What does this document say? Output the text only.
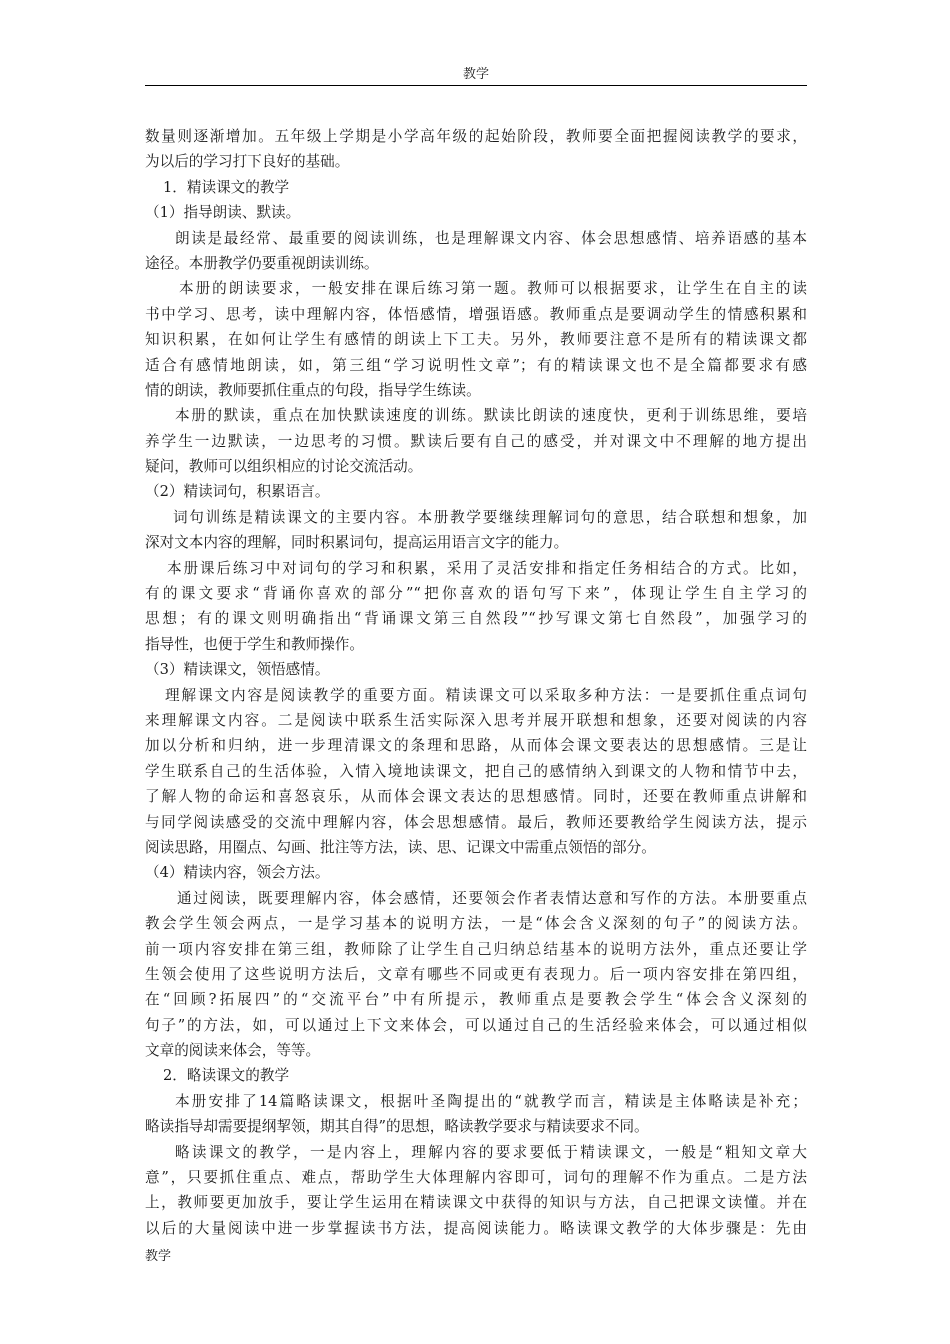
教学
数量则逐渐增加。五年级上学期是小学高年级的起始阶段，教师要全面把握阅读教学的要求，
为以后的学习打下良好的基础。
1．精读课文的教学
（1）指导朗读、默读。
朗读是最经常、最重要的阅读训练，也是理解课文内容、体会思想感情、培养语感的基本
途径。本册教学仍要重视朗读训练。
本册的朗读要求，一般安排在课后练习第一题。教师可以根据要求，让学生在自主的读
书中学习、思考，读中理解内容，体悟感情，增强语感。教师重点是要调动学生的情感积累和
知识积累，在如何让学生有感情的朗读上下工夫。另外，教师要注意不是所有的精读课文都
适合有感情地朗读，如，第三组“学习说明性文章”；有的精读课文也不是全篇都要求有感
情的朗读，教师要抓住重点的句段，指导学生练读。
本册的默读，重点在加快默读速度的训练。默读比朗读的速度快，更利于训练思维，要培
养学生一边默读，一边思考的习惯。默读后要有自己的感受，并对课文中不理解的地方提出
疑问，教师可以组织相应的讨论交流活动。
（2）精读词句，积累语言。
词句训练是精读课文的主要内容。本册教学要继续理解词句的意思，结合联想和想象，加
深对文本内容的理解，同时积累词句，提高运用语言文字的能力。
本册课后练习中对词句的学习和积累，采用了灵活安排和指定任务相结合的方式。比如，
有的课文要求“背诵你喜欢的部分”“把你喜欢的语句写下来”，体现让学生自主学习的
思想；有的课文则明确指出“背诵课文第三自然段”“抄写课文第七自然段”，加强学习的
指导性，也便于学生和教师操作。
（3）精读课文，领悟感情。
理解课文内容是阅读教学的重要方面。精读课文可以采取多种方法：一是要抓住重点词句
来理解课文内容。二是阅读中联系生活实际深入思考并展开联想和想象，还要对阅读的内容
加以分析和归纳，进一步理清课文的条理和思路，从而体会课文要表达的思想感情。三是让
学生联系自己的生活体验，入情入境地读课文，把自己的感情纳入到课文的人物和情节中去，
了解人物的命运和喜怒哀乐，从而体会课文表达的思想感情。同时，还要在教师重点讲解和
与同学阅读感受的交流中理解内容，体会思想感情。最后，教师还要教给学生阅读方法，提示
阅读思路，用圈点、勾画、批注等方法，读、思、记课文中需重点领悟的部分。
（4）精读内容，领会方法。
通过阅读，既要理解内容，体会感情，还要领会作者表情达意和写作的方法。本册要重点
教会学生领会两点，一是学习基本的说明方法，一是“体会含义深刻的句子”的阅读方法。
前一项内容安排在第三组，教师除了让学生自己归纳总结基本的说明方法外，重点还要让学
生领会使用了这些说明方法后，文章有哪些不同或更有表现力。后一项内容安排在第四组，
在“回顾?拓展四”的“交流平台”中有所提示，教师重点是要教会学生“体会含义深刻的
句子”的方法，如，可以通过上下文来体会，可以通过自己的生活经验来体会，可以通过相似
文章的阅读来体会，等等。
2．略读课文的教学
本册安排了14篇略读课文，根据叶圣陶提出的“就教学而言，精读是主体略读是补充；
略读指导却需要提纲挈领，期其自得”的思想，略读教学要求与精读要求不同。
略读课文的教学，一是内容上，理解内容的要求要低于精读课文，一般是“粗知文章大
意”，只要抓住重点、难点，帮助学生大体理解内容即可，词句的理解不作为重点。二是方法
上，教师要更加放手，要让学生运用在精读课文中获得的知识与方法，自己把课文读懂。并在
以后的大量阅读中进一步掌握读书方法，提高阅读能力。略读课文教学的大体步骤是：先由
教学
